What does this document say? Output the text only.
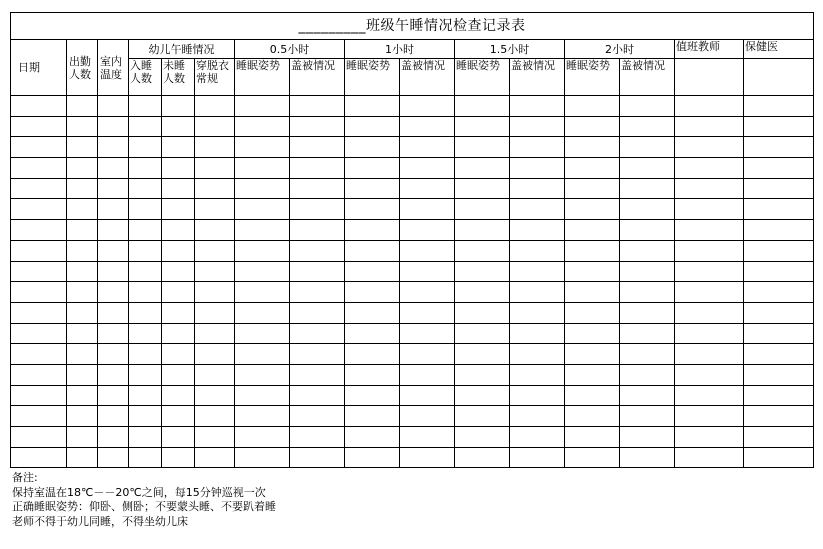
_________班级午睡情况检查记录表															
日期	出勤人数	室内温度	幼儿午睡情况			0.5小时		1小时		1.5小时		2小时		值班教师	保健医

			入睡人数	未睡人数	穿脱衣常规	睡眠姿势	盖被情况	睡眠姿势	盖被情况	睡眠姿势	盖被情况	睡眠姿势	盖被情况		

备注:
保持室温在18℃－－20℃之间，每15分钟巡视一次
正确睡眠姿势：仰卧、侧卧；不要蒙头睡、不要趴着睡
老师不得于幼儿同睡，不得坐幼儿床
